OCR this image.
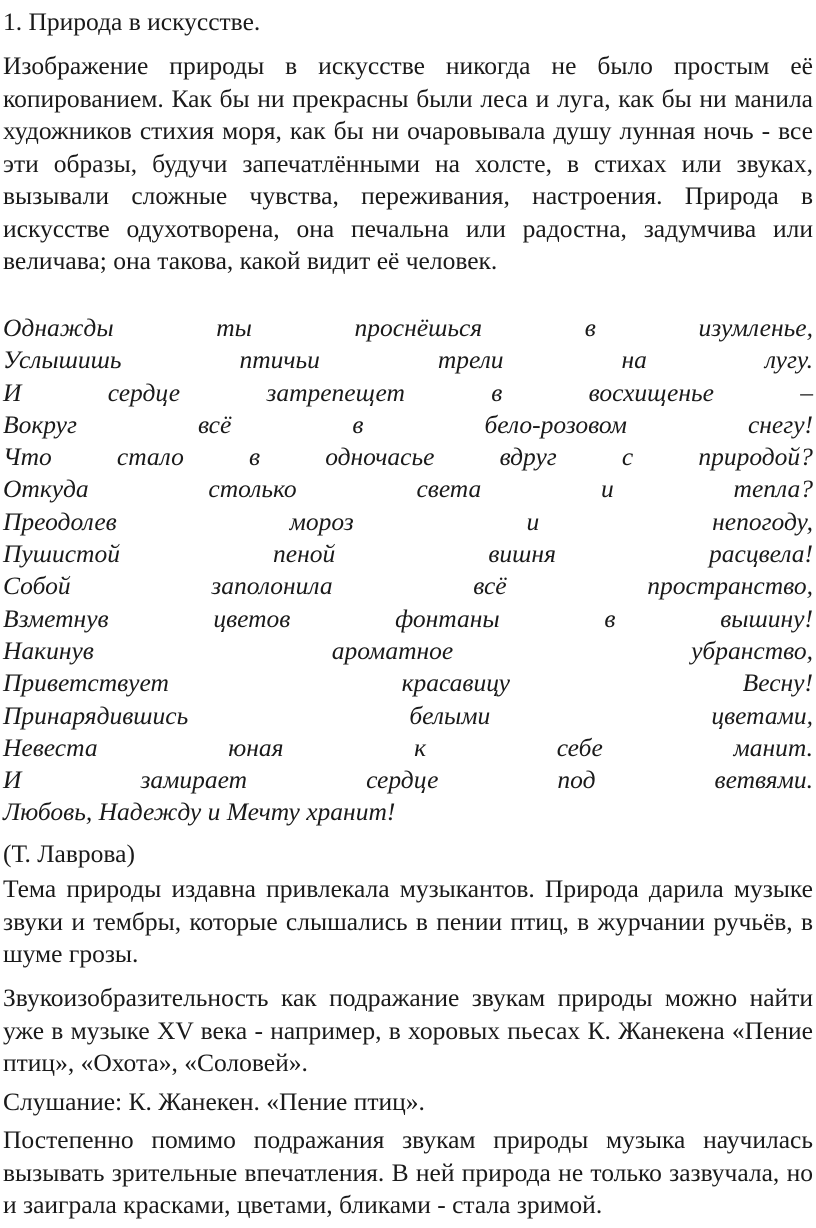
1. Природа в искусстве.

Изображение природы в искусстве никогда не было простым её копированием. Как бы ни прекрасны были леса и луга, как бы ни манила художников стихия моря, как бы ни очаровывала душу лунная ночь - все эти образы, будучи запечатлёнными на холсте, в стихах или звуках, вызывали сложные чувства, переживания, настроения. Природа в искусстве одухотворена, она печальна или радостна, задумчива или величава; она такова, какой видит её человек.

Однажды	ты	проснёшься	в	изумленье,
Услышишь	птичьи	трели	на	лугу.
И	сердце	затрепещет	в	восхищенье	–
Вокруг	всё	в	бело-розовом	снегу!
Что	стало	в	одночасье	вдруг	с	природой?
Откуда	столько	света	и	тепла?
Преодолев	мороз	и	непогоду,
Пушистой	пеной	вишня	расцвела!
Собой	заполонила	всё	пространство,
Взметнув	цветов	фонтаны	в	вышину!
Накинув	ароматное	убранство,
Приветствует	красавицу	Весну!
Принарядившись	белыми	цветами,
Невеста	юная	к	себе	манит.
И	замирает	сердце	под	ветвями.
Любовь, Надежду и Мечту хранит!
(Т. Лаврова)

Тема природы издавна привлекала музыкантов. Природа дарила музыке звуки и тембры, которые слышались в пении птиц, в журчании ручьёв, в шуме грозы.

Звукоизобразительность как подражание звукам природы можно найти уже в музыке XV века - например, в хоровых пьесах К. Жанекена «Пение птиц», «Охота», «Соловей».

Слушание: К. Жанекен. «Пение птиц».

Постепенно помимо подражания звукам природы музыка научилась вызывать зрительные впечатления. В ней природа не только зазвучала, но и заиграла красками, цветами, бликами - стала зримой.
